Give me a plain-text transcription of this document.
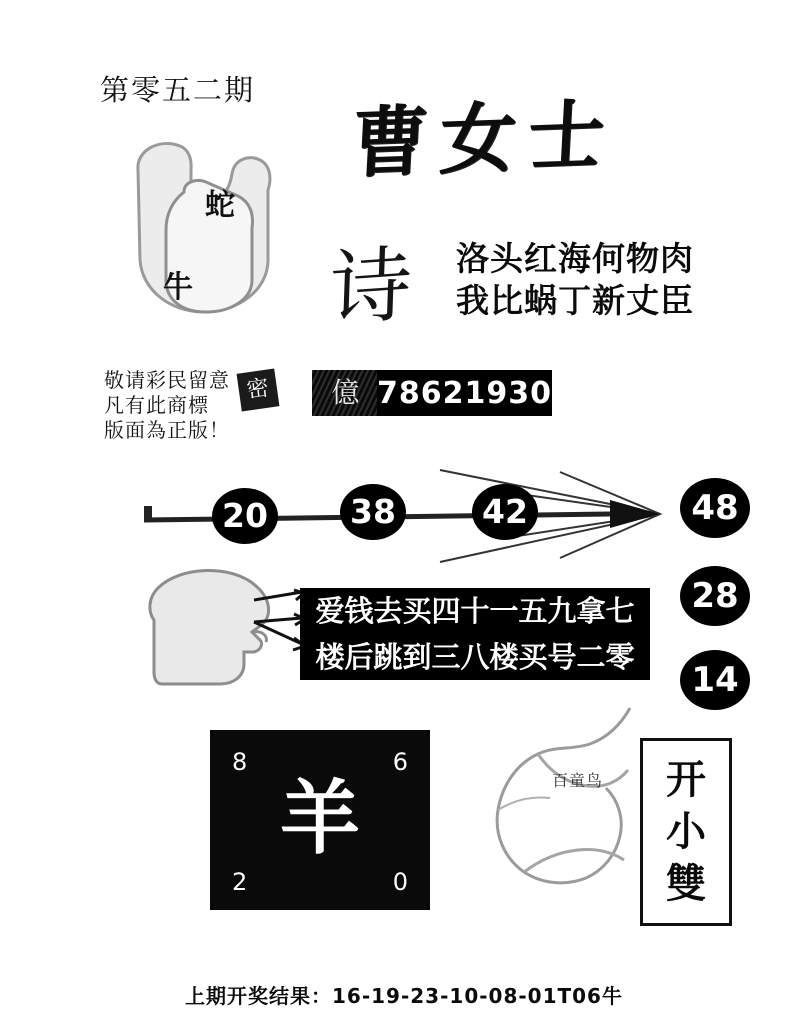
第零五二期 曹女士
蛇
牛 诗 洛头红海何物肉
我比蜗丁新丈臣
敬请彩民留意
凡有此商標
版面為正版！
密	億 78621930
20	38	42	48
28
14
爱钱去买四十一五九拿七
楼后跳到三八楼买号二零
8	6
羊
2	0
百童鸟 开
小
雙
上期开奖结果：16-19-23-10-08-01T06牛
